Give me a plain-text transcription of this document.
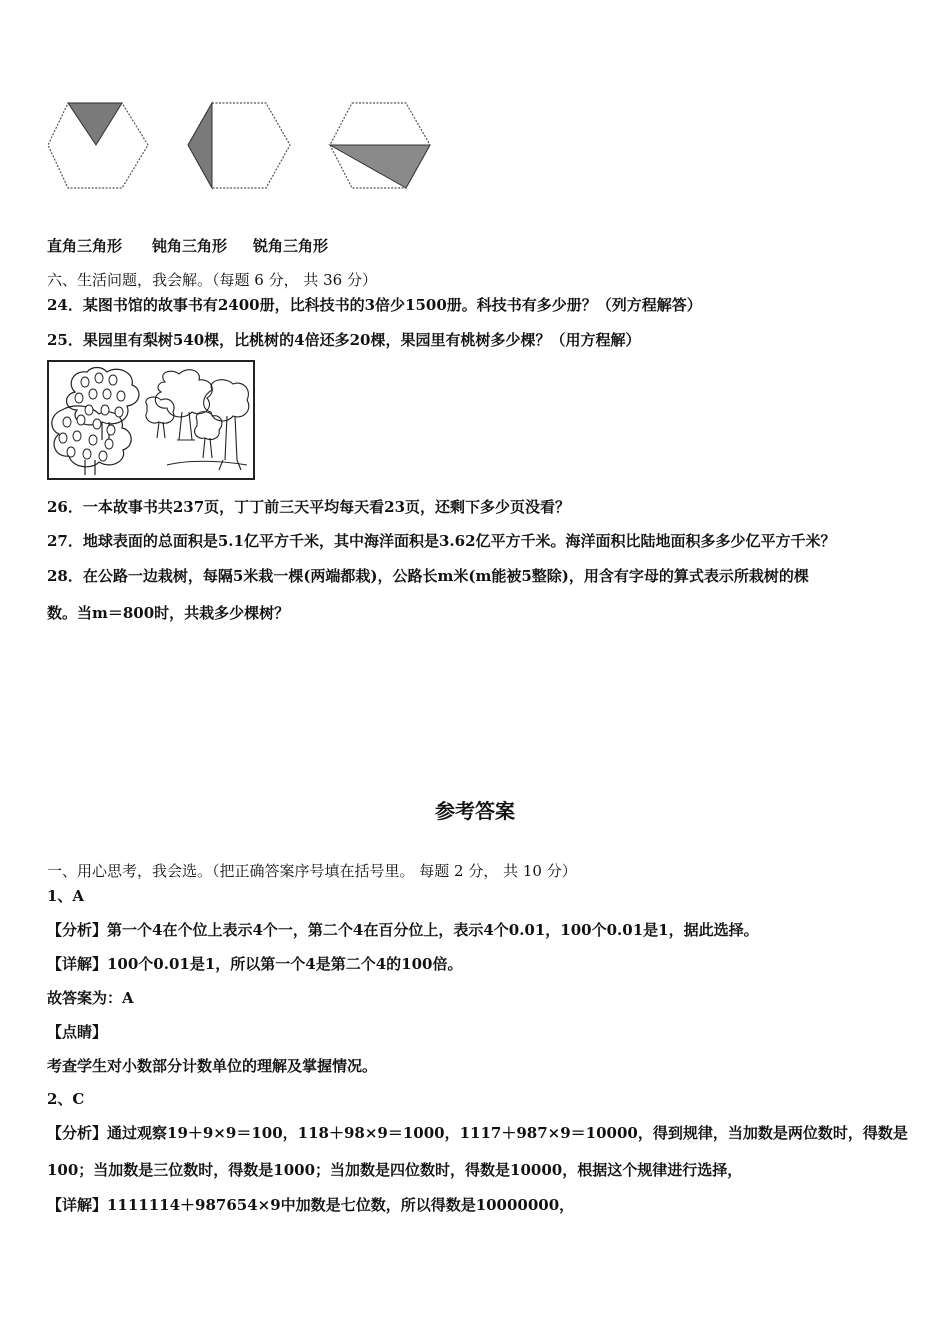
直角三角形 钝角三角形 锐角三角形
六、生活问题，我会解。（每题 6 分， 共 36 分）
24．某图书馆的故事书有2400册，比科技书的3倍少1500册。科技书有多少册？（列方程解答）
25．果园里有梨树540棵，比桃树的4倍还多20棵，果园里有桃树多少棵？（用方程解）
26．一本故事书共237页，丁丁前三天平均每天看23页，还剩下多少页没看？
27．地球表面的总面积是5.1亿平方千米，其中海洋面积是3.62亿平方千米。海洋面积比陆地面积多多少亿平方千米？
28．在公路一边栽树，每隔5米栽一棵(两端都栽)，公路长m米(m能被5整除)，用含有字母的算式表示所栽树的棵
数。当m＝800时，共栽多少棵树？
参考答案
一、用心思考，我会选。（把正确答案序号填在括号里。 每题 2 分， 共 10 分）
1、A
【分析】第一个4在个位上表示4个一，第二个4在百分位上，表示4个0.01，100个0.01是1，据此选择。
【详解】100个0.01是1，所以第一个4是第二个4的100倍。
故答案为：A
【点睛】
考查学生对小数部分计数单位的理解及掌握情况。
2、C
【分析】通过观察19＋9×9＝100，118＋98×9＝1000，1117＋987×9＝10000，得到规律，当加数是两位数时，得数是
100；当加数是三位数时，得数是1000；当加数是四位数时，得数是10000，根据这个规律进行选择，
【详解】1111114＋987654×9中加数是七位数，所以得数是10000000，
